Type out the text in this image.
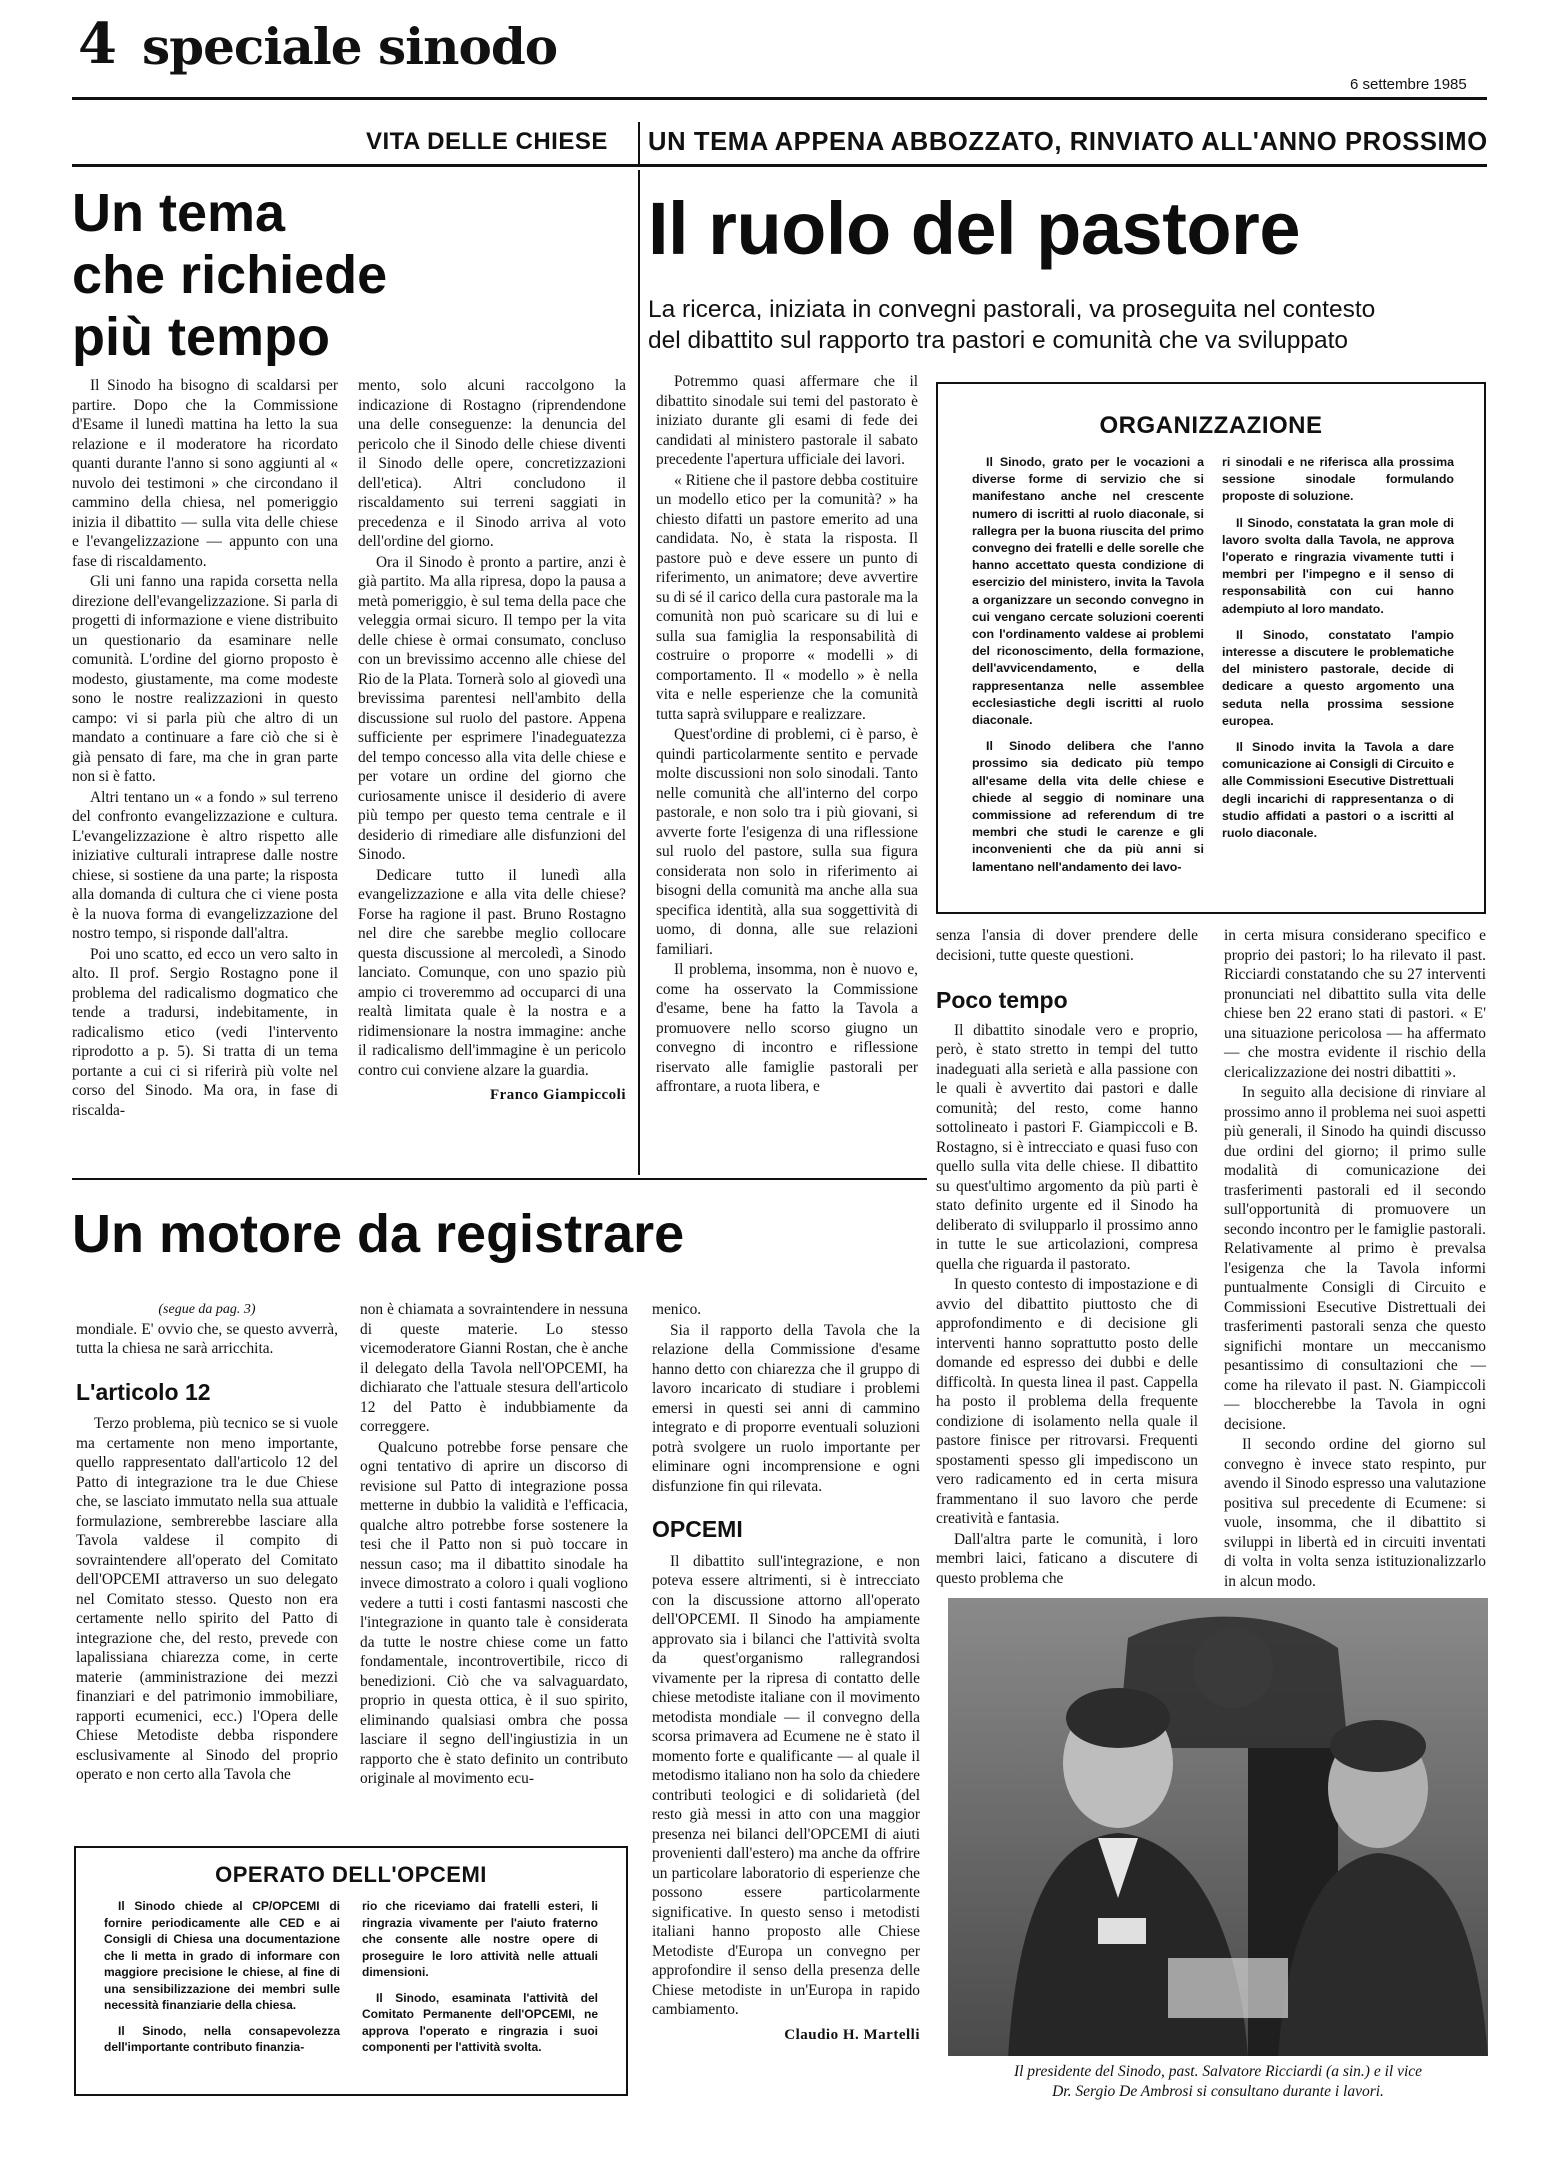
4 speciale sinodo
6 settembre 1985
VITA DELLE CHIESE UN TEMA APPENA ABBOZZATO, RINVIATO ALL'ANNO PROSSIMO
Un tema
che richiede
più tempo

Il Sinodo ha bisogno di scaldarsi per partire. Dopo che la Commissione d'Esame il lunedì mattina ha letto la sua relazione e il moderatore ha ricordato quanti durante l'anno si sono aggiunti al « nuvolo dei testimoni » che circondano il cammino della chiesa, nel pomeriggio inizia il dibattito — sulla vita delle chiese e l'evangelizzazione — appunto con una fase di riscaldamento.

Gli uni fanno una rapida corsetta nella direzione dell'evangelizzazione. Si parla di progetti di informazione e viene distribuito un questionario da esaminare nelle comunità. L'ordine del giorno proposto è modesto, giustamente, ma come modeste sono le nostre realizzazioni in questo campo: vi si parla più che altro di un mandato a continuare a fare ciò che si è già pensato di fare, ma che in gran parte non si è fatto.

Altri tentano un « a fondo » sul terreno del confronto evangelizzazione e cultura. L'evangelizzazione è altro rispetto alle iniziative culturali intraprese dalle nostre chiese, si sostiene da una parte; la risposta alla domanda di cultura che ci viene posta è la nuova forma di evangelizzazione del nostro tempo, si risponde dall'altra.

Poi uno scatto, ed ecco un vero salto in alto. Il prof. Sergio Rostagno pone il problema del radicalismo dogmatico che tende a tradursi, indebitamente, in radicalismo etico (vedi l'intervento riprodotto a p. 5). Si tratta di un tema portante a cui ci si riferirà più volte nel corso del Sinodo. Ma ora, in fase di riscalda-

mento, solo alcuni raccolgono la indicazione di Rostagno (riprendendone una delle conseguenze: la denuncia del pericolo che il Sinodo delle chiese diventi il Sinodo delle opere, concretizzazioni dell'etica). Altri concludono il riscaldamento sui terreni saggiati in precedenza e il Sinodo arriva al voto dell'ordine del giorno.

Ora il Sinodo è pronto a partire, anzi è già partito. Ma alla ripresa, dopo la pausa a metà pomeriggio, è sul tema della pace che veleggia ormai sicuro. Il tempo per la vita delle chiese è ormai consumato, concluso con un brevissimo accenno alle chiese del Rio de la Plata. Tornerà solo al giovedì una brevissima parentesi nell'ambito della discussione sul ruolo del pastore. Appena sufficiente per esprimere l'inadeguatezza del tempo concesso alla vita delle chiese e per votare un ordine del giorno che curiosamente unisce il desiderio di avere più tempo per questo tema centrale e il desiderio di rimediare alle disfunzioni del Sinodo.

Dedicare tutto il lunedì alla evangelizzazione e alla vita delle chiese? Forse ha ragione il past. Bruno Rostagno nel dire che sarebbe meglio collocare questa discussione al mercoledì, a Sinodo lanciato. Comunque, con uno spazio più ampio ci troveremmo ad occuparci di una realtà limitata quale è la nostra e a ridimensionare la nostra immagine: anche il radicalismo dell'immagine è un pericolo contro cui conviene alzare la guardia.

Franco Giampiccoli
Il ruolo del pastore
La ricerca, iniziata in convegni pastorali, va proseguita nel contesto
del dibattito sul rapporto tra pastori e comunità che va sviluppato

Potremmo quasi affermare che il dibattito sinodale sui temi del pastorato è iniziato durante gli esami di fede dei candidati al ministero pastorale il sabato precedente l'apertura ufficiale dei lavori.

« Ritiene che il pastore debba costituire un modello etico per la comunità? » ha chiesto difatti un pastore emerito ad una candidata. No, è stata la risposta. Il pastore può e deve essere un punto di riferimento, un animatore; deve avvertire su di sé il carico della cura pastorale ma la comunità non può scaricare su di lui e sulla sua famiglia la responsabilità di costruire o proporre « modelli » di comportamento. Il « modello » è nella vita e nelle esperienze che la comunità tutta saprà sviluppare e realizzare.

Quest'ordine di problemi, ci è parso, è quindi particolarmente sentito e pervade molte discussioni non solo sinodali. Tanto nelle comunità che all'interno del corpo pastorale, e non solo tra i più giovani, si avverte forte l'esigenza di una riflessione sul ruolo del pastore, sulla sua figura considerata non solo in riferimento ai bisogni della comunità ma anche alla sua specifica identità, alla sua soggettività di uomo, di donna, alle sue relazioni familiari.

Il problema, insomma, non è nuovo e, come ha osservato la Commissione d'esame, bene ha fatto la Tavola a promuovere nello scorso giugno un convegno di incontro e riflessione riservato alle famiglie pastorali per affrontare, a ruota libera, e

ORGANIZZAZIONE

Il Sinodo, grato per le vocazioni a diverse forme di servizio che si manifestano anche nel crescente numero di iscritti al ruolo diaconale, si rallegra per la buona riuscita del primo convegno dei fratelli e delle sorelle che hanno accettato questa condizione di esercizio del ministero, invita la Tavola a organizzare un secondo convegno in cui vengano cercate soluzioni coerenti con l'ordinamento valdese ai problemi del riconoscimento, della formazione, dell'avvicendamento, e della rappresentanza nelle assemblee ecclesiastiche degli iscritti al ruolo diaconale.

Il Sinodo delibera che l'anno prossimo sia dedicato più tempo all'esame della vita delle chiese e chiede al seggio di nominare una commissione ad referendum di tre membri che studi le carenze e gli inconvenienti che da più anni si lamentano nell'andamento dei lavo-

ri sinodali e ne riferisca alla prossima sessione sinodale formulando proposte di soluzione.

Il Sinodo, constatata la gran mole di lavoro svolta dalla Tavola, ne approva l'operato e ringrazia vivamente tutti i membri per l'impegno e il senso di responsabilità con cui hanno adempiuto al loro mandato.

Il Sinodo, constatato l'ampio interesse a discutere le problematiche del ministero pastorale, decide di dedicare a questo argomento una seduta nella prossima sessione europea.

Il Sinodo invita la Tavola a dare comunicazione ai Consigli di Circuito e alle Commissioni Esecutive Distrettuali degli incarichi di rappresentanza o di studio affidati a pastori o a iscritti al ruolo diaconale.

senza l'ansia di dover prendere delle decisioni, tutte queste questioni.

Poco tempo

Il dibattito sinodale vero e proprio, però, è stato stretto in tempi del tutto inadeguati alla serietà e alla passione con le quali è avvertito dai pastori e dalle comunità; del resto, come hanno sottolineato i pastori F. Giampiccoli e B. Rostagno, si è intrecciato e quasi fuso con quello sulla vita delle chiese. Il dibattito su quest'ultimo argomento da più parti è stato definito urgente ed il Sinodo ha deliberato di svilupparlo il prossimo anno in tutte le sue articolazioni, compresa quella che riguarda il pastorato.

In questo contesto di impostazione e di avvio del dibattito piuttosto che di approfondimento e di decisione gli interventi hanno soprattutto posto delle domande ed espresso dei dubbi e delle difficoltà. In questa linea il past. Cappella ha posto il problema della frequente condizione di isolamento nella quale il pastore finisce per ritrovarsi. Frequenti spostamenti spesso gli impediscono un vero radicamento ed in certa misura frammentano il suo lavoro che perde creatività e fantasia.

Dall'altra parte le comunità, i loro membri laici, faticano a discutere di questo problema che

in certa misura considerano specifico e proprio dei pastori; lo ha rilevato il past. Ricciardi constatando che su 27 interventi pronunciati nel dibattito sulla vita delle chiese ben 22 erano stati di pastori. « E' una situazione pericolosa — ha affermato — che mostra evidente il rischio della clericalizzazione dei nostri dibattiti ».

In seguito alla decisione di rinviare al prossimo anno il problema nei suoi aspetti più generali, il Sinodo ha quindi discusso due ordini del giorno; il primo sulle modalità di comunicazione dei trasferimenti pastorali ed il secondo sull'opportunità di promuovere un secondo incontro per le famiglie pastorali. Relativamente al primo è prevalsa l'esigenza che la Tavola informi puntualmente Consigli di Circuito e Commissioni Esecutive Distrettuali dei trasferimenti pastorali senza che questo significhi montare un meccanismo pesantissimo di consultazioni che — come ha rilevato il past. N. Giampiccoli — bloccherebbe la Tavola in ogni decisione.

Il secondo ordine del giorno sul convegno è invece stato respinto, pur avendo il Sinodo espresso una valutazione positiva sul precedente di Ecumene: si vuole, insomma, che il dibattito si sviluppi in libertà ed in circuiti inventati di volta in volta senza istituzionalizzarlo in alcun modo.

Un motore da registrare
(segue da pag. 3)

mondiale. E' ovvio che, se questo avverrà, tutta la chiesa ne sarà arricchita.

L'articolo 12

Terzo problema, più tecnico se si vuole ma certamente non meno importante, quello rappresentato dall'articolo 12 del Patto di integrazione tra le due Chiese che, se lasciato immutato nella sua attuale formulazione, sembrerebbe lasciare alla Tavola valdese il compito di sovraintendere all'operato del Comitato dell'OPCEMI attraverso un suo delegato nel Comitato stesso. Questo non era certamente nello spirito del Patto di integrazione che, del resto, prevede con lapalissiana chiarezza come, in certe materie (amministrazione dei mezzi finanziari e del patrimonio immobiliare, rapporti ecumenici, ecc.) l'Opera delle Chiese Metodiste debba rispondere esclusivamente al Sinodo del proprio operato e non certo alla Tavola che

non è chiamata a sovraintendere in nessuna di queste materie. Lo stesso vicemoderatore Gianni Rostan, che è anche il delegato della Tavola nell'OPCEMI, ha dichiarato che l'attuale stesura dell'articolo 12 del Patto è indubbiamente da correggere.

Qualcuno potrebbe forse pensare che ogni tentativo di aprire un discorso di revisione sul Patto di integrazione possa metterne in dubbio la validità e l'efficacia, qualche altro potrebbe forse sostenere la tesi che il Patto non si può toccare in nessun caso; ma il dibattito sinodale ha invece dimostrato a coloro i quali vogliono vedere a tutti i costi fantasmi nascosti che l'integrazione in quanto tale è considerata da tutte le nostre chiese come un fatto fondamentale, incontrovertibile, ricco di benedizioni. Ciò che va salvaguardato, proprio in questa ottica, è il suo spirito, eliminando qualsiasi ombra che possa lasciare il segno dell'ingiustizia in un rapporto che è stato definito un contributo originale al movimento ecu-

menico.

Sia il rapporto della Tavola che la relazione della Commissione d'esame hanno detto con chiarezza che il gruppo di lavoro incaricato di studiare i problemi emersi in questi sei anni di cammino integrato e di proporre eventuali soluzioni potrà svolgere un ruolo importante per eliminare ogni incomprensione e ogni disfunzione fin qui rilevata.

OPCEMI

Il dibattito sull'integrazione, e non poteva essere altrimenti, si è intrecciato con la discussione attorno all'operato dell'OPCEMI. Il Sinodo ha ampiamente approvato sia i bilanci che l'attività svolta da quest'organismo rallegrandosi vivamente per la ripresa di contatto delle chiese metodiste italiane con il movimento metodista mondiale — il convegno della scorsa primavera ad Ecumene ne è stato il momento forte e qualificante — al quale il metodismo italiano non ha solo da chiedere contributi teologici e di solidarietà (del resto già messi in atto con una maggior presenza nei bilanci dell'OPCEMI di aiuti provenienti dall'estero) ma anche da offrire un particolare laboratorio di esperienze che possono essere particolarmente significative. In questo senso i metodisti italiani hanno proposto alle Chiese Metodiste d'Europa un convegno per approfondire il senso della presenza delle Chiese metodiste in un'Europa in rapido cambiamento.

Claudio H. Martelli
OPERATO DELL'OPCEMI

Il Sinodo chiede al CP/OPCEMI di fornire periodicamente alle CED e ai Consigli di Chiesa una documentazione che li metta in grado di informare con maggiore precisione le chiese, al fine di una sensibilizzazione dei membri sulle necessità finanziarie della chiesa.

Il Sinodo, nella consapevolezza dell'importante contributo finanzia-

rio che riceviamo dai fratelli esteri, li ringrazia vivamente per l'aiuto fraterno che consente alle nostre opere di proseguire le loro attività nelle attuali dimensioni.

Il Sinodo, esaminata l'attività del Comitato Permanente dell'OPCEMI, ne approva l'operato e ringrazia i suoi componenti per l'attività svolta.

Il presidente del Sinodo, past. Salvatore Ricciardi (a sin.) e il vice
Dr. Sergio De Ambrosi si consultano durante i lavori.
